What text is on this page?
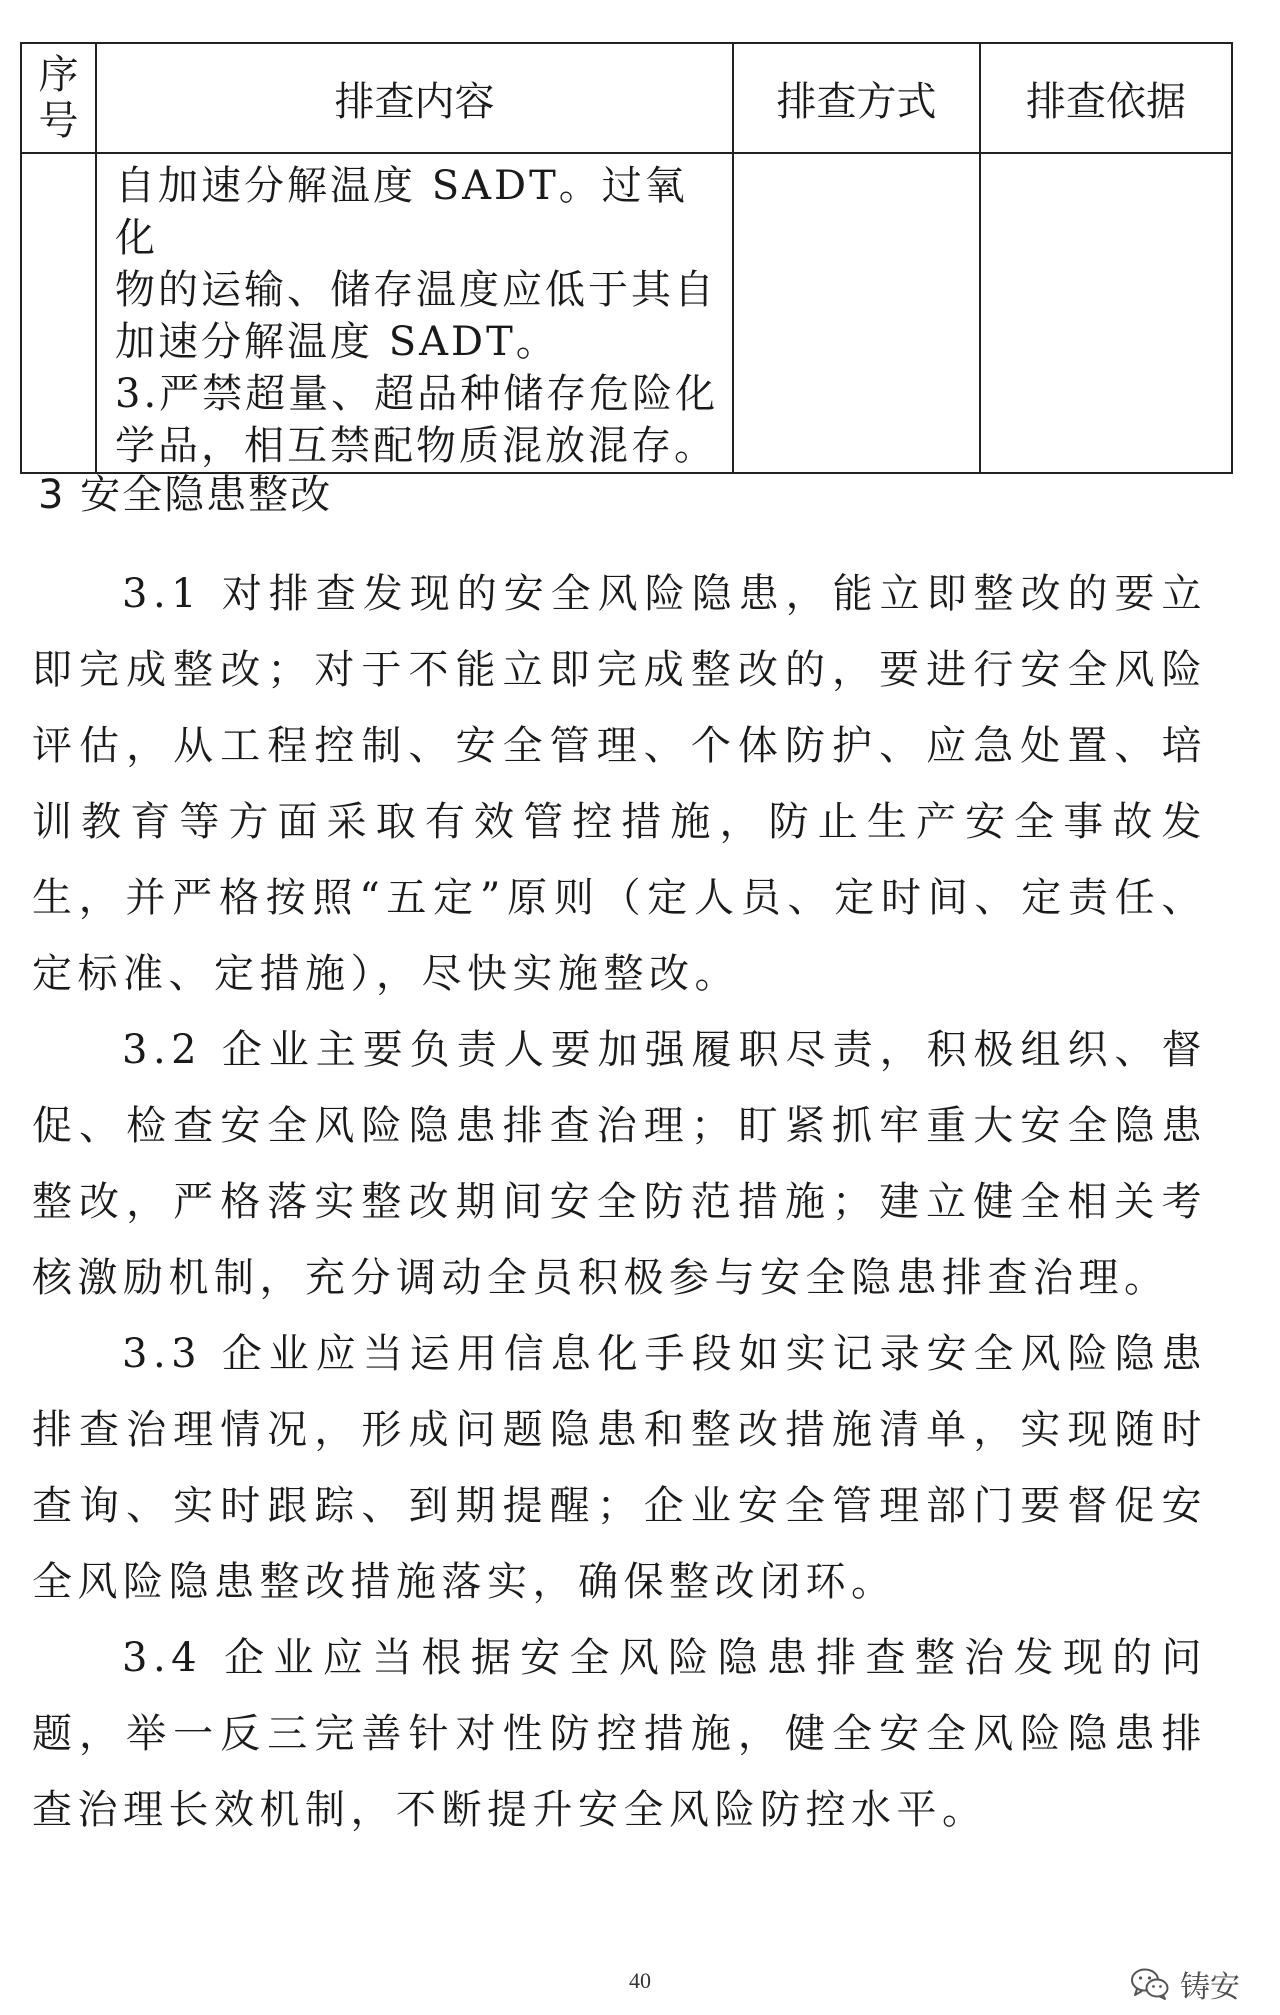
序
号	排查内容	排查方式	排查依据

	自加速分解温度 SADT。过氧化
物的运输、储存温度应低于其自
加速分解温度 SADT。

3.严禁超量、超品种储存危险化
学品，相互禁配物质混放混存。		

3 安全隐患整改

3.1 对排查发现的安全风险隐患，能立即整改的要立即完成整改；对于不能立即完成整改的，要进行安全风险评估，从工程控制、安全管理、个体防护、应急处置、培训教育等方面采取有效管控措施，防止生产安全事故发生，并严格按照“五定”原则（定人员、定时间、定责任、定标准、定措施），尽快实施整改。

3.2 企业主要负责人要加强履职尽责，积极组织、督促、检查安全风险隐患排查治理；盯紧抓牢重大安全隐患整改，严格落实整改期间安全防范措施；建立健全相关考核激励机制，充分调动全员积极参与安全隐患排查治理。

3.3 企业应当运用信息化手段如实记录安全风险隐患排查治理情况，形成问题隐患和整改措施清单，实现随时查询、实时跟踪、到期提醒；企业安全管理部门要督促安全风险隐患整改措施落实，确保整改闭环。

3.4 企业应当根据安全风险隐患排查整治发现的问题，举一反三完善针对性防控措施，健全安全风险隐患排查治理长效机制，不断提升安全风险防控水平。

40	铸安
